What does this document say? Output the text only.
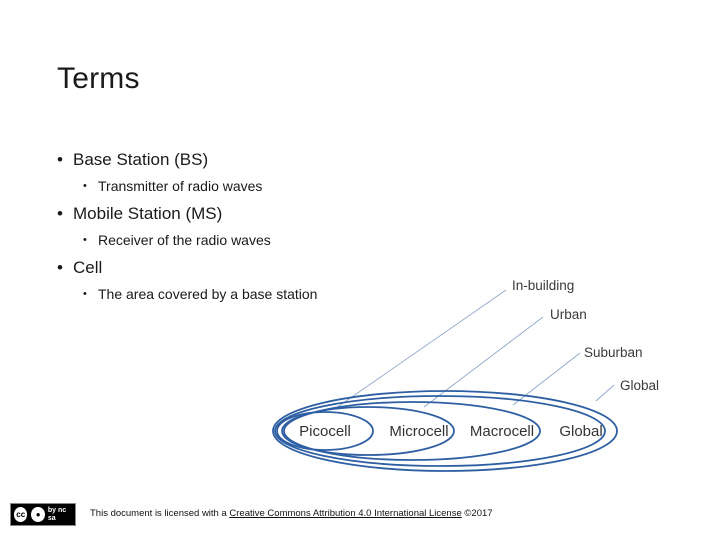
Terms
• Base Station (BS)
• Transmitter of radio waves
• Mobile Station (MS)
• Receiver of the radio waves
• Cell
• The area covered by a base station
In-building
Urban
Suburban
Global
Picocell	Microcell Macrocell Global
cc	●	by nc sa	This document is licensed with a Creative Commons Attribution 4.0 International License ©2017
